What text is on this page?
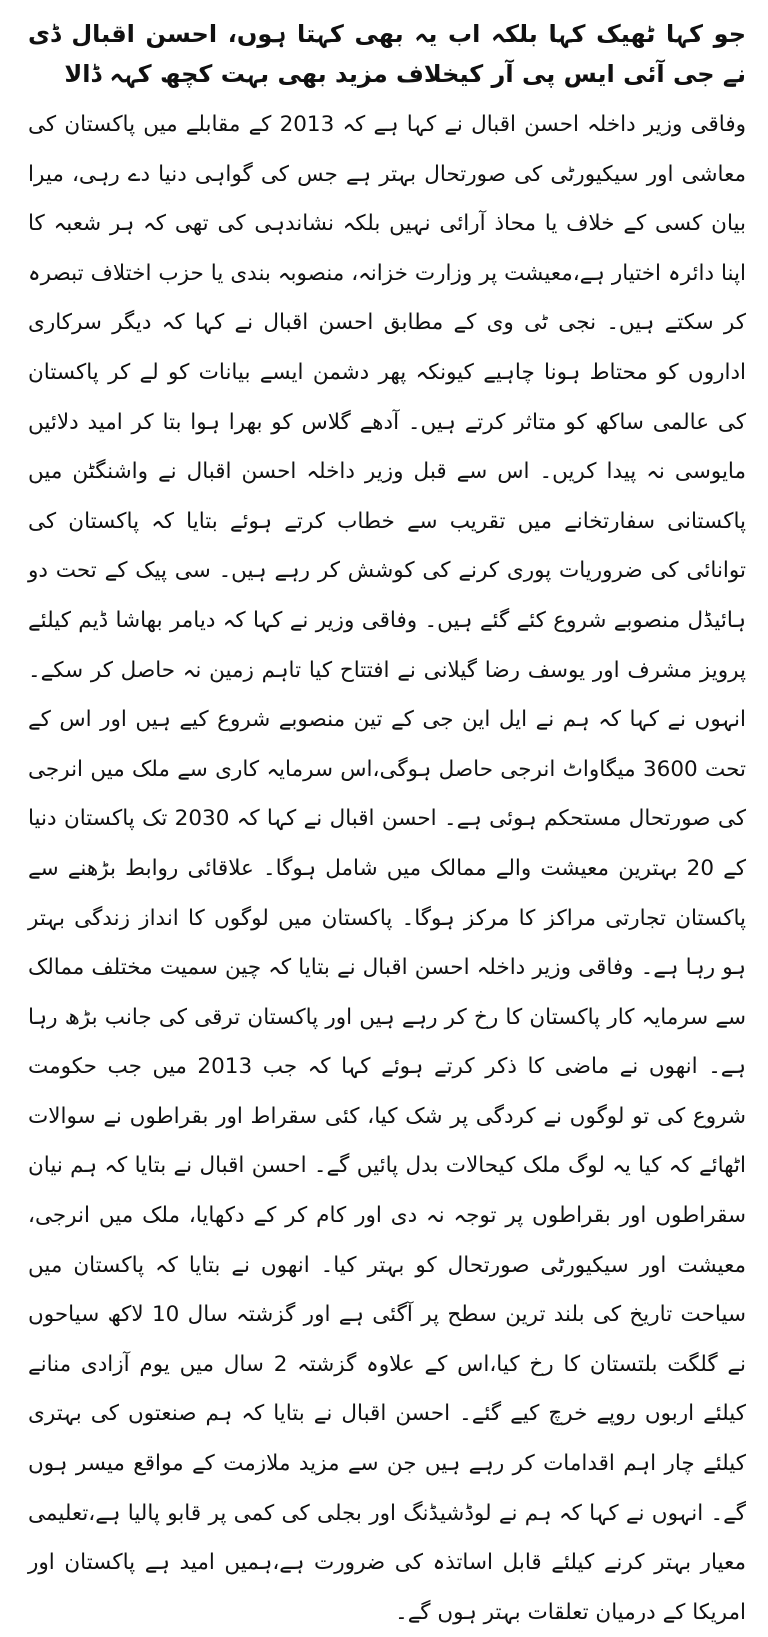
جو کہا ٹھیک کہا بلکہ اب یہ بھی کہتا ہوں، احسن اقبال ڈی نے جی آئی ایس پی آر کیخلاف مزید بھی بہت کچھ کہہ ڈالا

وفاقی وزیر داخلہ احسن اقبال نے کہا ہے کہ 2013 کے مقابلے میں پاکستان کی معاشی اور سیکیورٹی کی صورتحال بہتر ہے جس کی گواہی دنیا دے رہی، میرا بیان کسی کے خلاف یا محاذ آرائی نہیں بلکہ نشاندہی کی تھی کہ ہر شعبہ کا اپنا دائرہ اختیار ہے،معیشت پر وزارت خزانہ، منصوبہ بندی یا حزب اختلاف تبصرہ کر سکتے ہیں۔ نجی ٹی وی کے مطابق احسن اقبال نے کہا کہ دیگر سرکاری اداروں کو محتاط ہونا چاہیے کیونکہ پھر دشمن ایسے بیانات کو لے کر پاکستان کی عالمی ساکھ کو متاثر کرتے ہیں۔ آدھے گلاس کو بھرا ہوا بتا کر امید دلائیں مایوسی نہ پیدا کریں۔ اس سے قبل وزیر داخلہ احسن اقبال نے واشنگٹن میں پاکستانی سفارتخانے میں تقریب سے خطاب کرتے ہوئے بتایا کہ پاکستان کی توانائی کی ضروریات پوری کرنے کی کوشش کر رہے ہیں۔ سی پیک کے تحت دو ہائیڈل منصوبے شروع کئے گئے ہیں۔ وفاقی وزیر نے کہا کہ دیامر بھاشا ڈیم کیلئے پرویز مشرف اور یوسف رضا گیلانی نے افتتاح کیا تاہم زمین نہ حاصل کر سکے۔ انہوں نے کہا کہ ہم نے ایل این جی کے تین منصوبے شروع کیے ہیں اور اس کے تحت 3600 میگاواٹ انرجی حاصل ہوگی،اس سرمایہ کاری سے ملک میں انرجی کی صورتحال مستحکم ہوئی ہے۔ احسن اقبال نے کہا کہ 2030 تک پاکستان دنیا کے 20 بہترین معیشت والے ممالک میں شامل ہوگا۔ علاقائی روابط بڑھنے سے پاکستان تجارتی مراکز کا مرکز ہوگا۔ پاکستان میں لوگوں کا انداز زندگی بہتر ہو رہا ہے۔ وفاقی وزیر داخلہ احسن اقبال نے بتایا کہ چین سمیت مختلف ممالک سے سرمایہ کار پاکستان کا رخ کر رہے ہیں اور پاکستان ترقی کی جانب بڑھ رہا ہے۔ انھوں نے ماضی کا ذکر کرتے ہوئے کہا کہ جب 2013 میں جب حکومت شروع کی تو لوگوں نے کردگی پر شک کیا، کئی سقراط اور بقراطوں نے سوالات اٹھائے کہ کیا یہ لوگ ملک کیحالات بدل پائیں گے۔ احسن اقبال نے بتایا کہ ہم نیان سقراطوں اور بقراطوں پر توجہ نہ دی اور کام کر کے دکھایا، ملک میں انرجی، معیشت اور سیکیورٹی صورتحال کو بہتر کیا۔ انھوں نے بتایا کہ پاکستان میں سیاحت تاریخ کی بلند ترین سطح پر آگئی ہے اور گزشتہ سال 10 لاکھ سیاحوں نے گلگت بلتستان کا رخ کیا،اس کے علاوہ گزشتہ 2 سال میں یوم آزادی منانے کیلئے اربوں روپے خرچ کیے گئے۔ احسن اقبال نے بتایا کہ ہم صنعتوں کی بہتری کیلئے چار اہم اقدامات کر رہے ہیں جن سے مزید ملازمت کے مواقع میسر ہوں گے۔ انہوں نے کہا کہ ہم نے لوڈشیڈنگ اور بجلی کی کمی پر قابو پالیا ہے،تعلیمی معیار بہتر کرنے کیلئے قابل اساتذہ کی ضرورت ہے،ہمیں امید ہے پاکستان اور امریکا کے درمیان تعلقات بہتر ہوں گے۔
